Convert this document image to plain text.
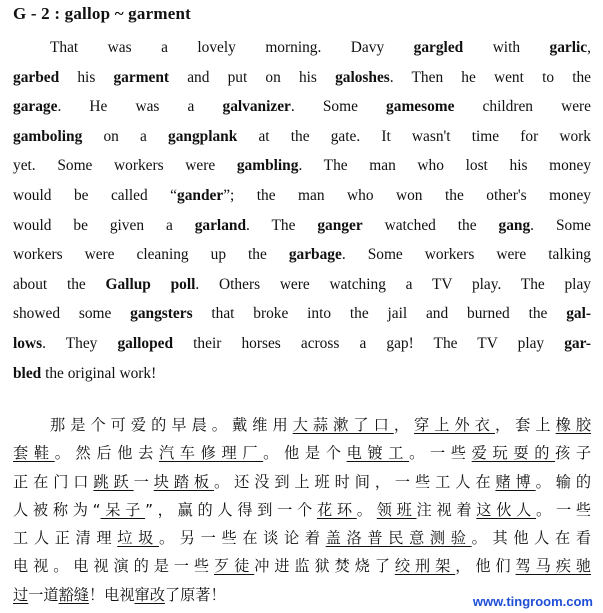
G - 2 : gallop ~ garment
That was a lovely morning. Davy gargled with garlic,
garbed his garment and put on his galoshes. Then he went to the
garage. He was a galvanizer. Some gamesome children were
gamboling on a gangplank at the gate. It wasn't time for work
yet. Some workers were gambling. The man who lost his money
would be called “gander”; the man who won the other's money
would be given a garland. The ganger watched the gang. Some
workers were cleaning up the garbage. Some workers were talking
about the Gallup poll. Others were watching a TV play. The play
showed some gangsters that broke into the jail and burned the gal-
lows. They galloped their horses across a gap! The TV play gar-
bled the original work!
那是个可爱的早晨。戴维用大蒜漱了口，穿上外衣，套上橡胶
套鞋。然后他去汽车修理厂。他是个电镀工。一些爱玩耍的孩子
正在门口跳跃一块踏板。还没到上班时间，一些工人在赌博。输的
人被称为“呆子”，赢的人得到一个花环。领班注视着这伙人。一些
工人正清理垃圾。另一些在谈论着盖洛普民意测验。其他人在看
电视。电视演的是一些歹徒冲进监狱焚烧了绞刑架，他们驾马疾驰
过一道豁缝！电视窜改了原著！	www.tingroom.com
